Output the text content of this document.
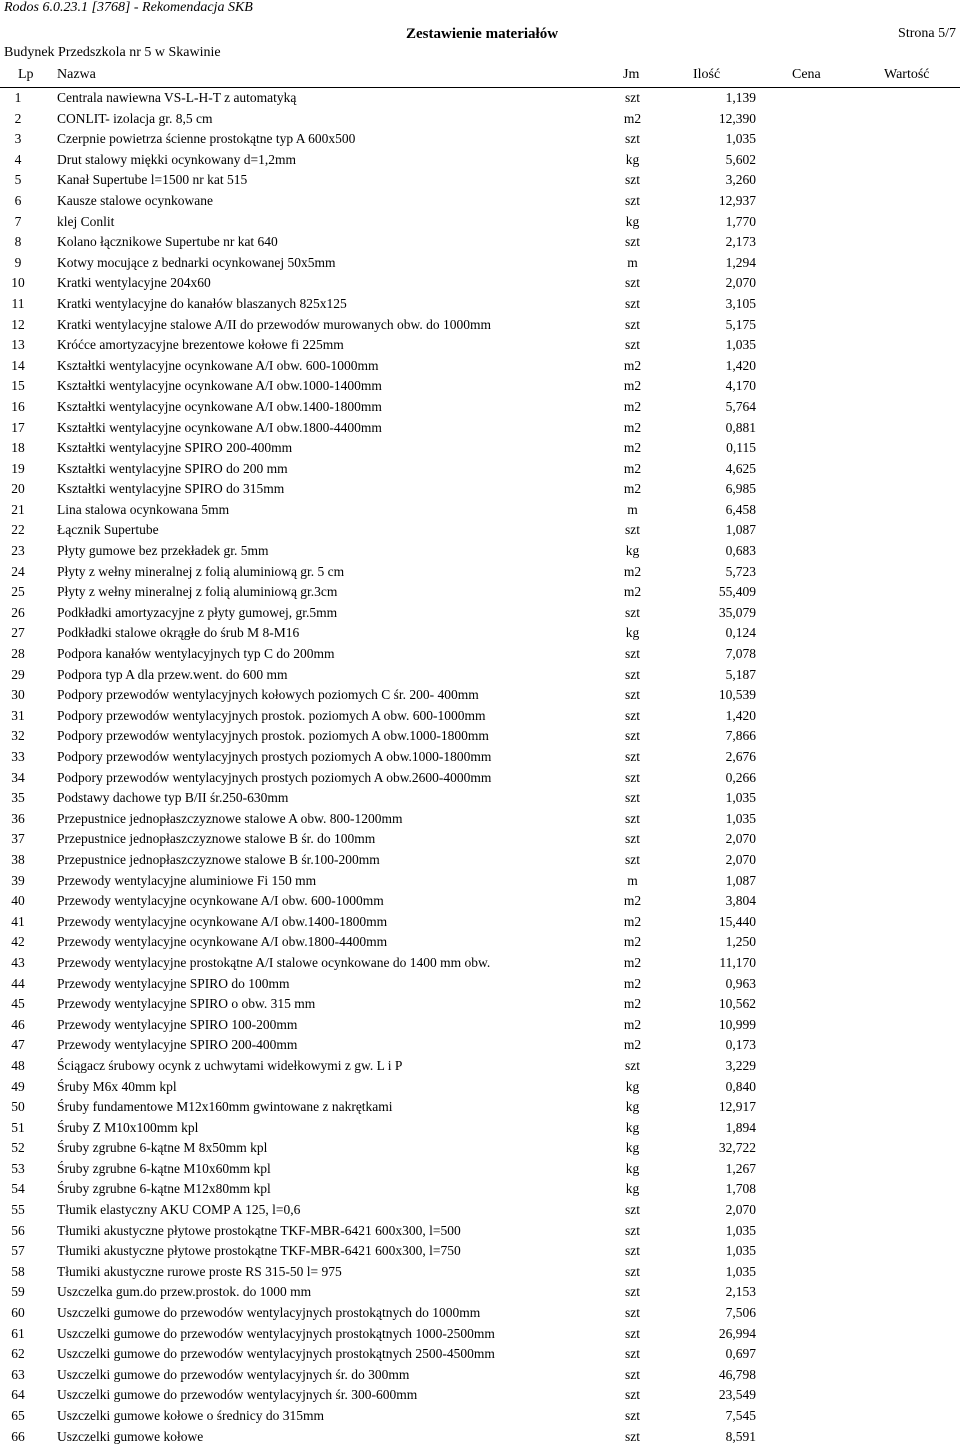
Rodos 6.0.23.1 [3768] - Rekomendacja SKB
Zestawienie materiałów	Strona 5/7
Budynek Przedszkola nr 5 w Skawinie
Lp Nazwa	Jm	Ilość	Cena	Wartość
1	Centrala nawiewna VS-L-H-T z automatyką	szt	1,139
2	CONLIT- izolacja gr. 8,5 cm	m2	12,390
3	Czerpnie powietrza ścienne prostokątne typ A 600x500	szt	1,035
4	Drut stalowy miękki ocynkowany d=1,2mm	kg	5,602
5	Kanał Supertube l=1500 nr kat 515	szt	3,260
6	Kausze stalowe ocynkowane	szt	12,937
7	klej Conlit	kg	1,770
8	Kolano łącznikowe Supertube nr kat 640	szt	2,173
9	Kotwy mocujące z bednarki ocynkowanej 50x5mm	m	1,294
10	Kratki wentylacyjne 204x60	szt	2,070
11	Kratki wentylacyjne do kanałów blaszanych 825x125	szt	3,105
12	Kratki wentylacyjne stalowe A/II do przewodów murowanych obw. do 1000mm	szt	5,175
13	Króćce amortyzacyjne brezentowe kołowe fi 225mm	szt	1,035
14	Kształtki wentylacyjne ocynkowane A/I obw. 600-1000mm	m2	1,420
15	Kształtki wentylacyjne ocynkowane A/I obw.1000-1400mm	m2	4,170
16	Kształtki wentylacyjne ocynkowane A/I obw.1400-1800mm	m2	5,764
17	Kształtki wentylacyjne ocynkowane A/I obw.1800-4400mm	m2	0,881
18	Kształtki wentylacyjne SPIRO 200-400mm	m2	0,115
19	Kształtki wentylacyjne SPIRO do 200 mm	m2	4,625
20	Kształtki wentylacyjne SPIRO do 315mm	m2	6,985
21	Lina stalowa ocynkowana 5mm	m	6,458
22	Łącznik Supertube	szt	1,087
23	Płyty gumowe bez przekładek gr. 5mm	kg	0,683
24	Płyty z wełny mineralnej z folią aluminiową gr. 5 cm	m2	5,723
25	Płyty z wełny mineralnej z folią aluminiową gr.3cm	m2	55,409
26	Podkładki amortyzacyjne z płyty gumowej, gr.5mm	szt	35,079
27	Podkładki stalowe okrągłe do śrub M 8-M16	kg	0,124
28	Podpora kanałów wentylacyjnych typ C do 200mm	szt	7,078
29	Podpora typ A dla przew.went. do 600 mm	szt	5,187
30	Podpory przewodów wentylacyjnych kołowych poziomych C śr. 200- 400mm	szt	10,539
31	Podpory przewodów wentylacyjnych prostok. poziomych A obw. 600-1000mm	szt	1,420
32	Podpory przewodów wentylacyjnych prostok. poziomych A obw.1000-1800mm	szt	7,866
33	Podpory przewodów wentylacyjnych prostych poziomych A obw.1000-1800mm	szt	2,676
34	Podpory przewodów wentylacyjnych prostych poziomych A obw.2600-4000mm	szt	0,266
35	Podstawy dachowe typ B/II śr.250-630mm	szt	1,035
36	Przepustnice jednopłaszczyznowe stalowe A obw. 800-1200mm	szt	1,035
37	Przepustnice jednopłaszczyznowe stalowe B śr. do 100mm	szt	2,070
38	Przepustnice jednopłaszczyznowe stalowe B śr.100-200mm	szt	2,070
39	Przewody wentylacyjne aluminiowe Fi 150 mm	m	1,087
40	Przewody wentylacyjne ocynkowane A/I obw. 600-1000mm	m2	3,804
41	Przewody wentylacyjne ocynkowane A/I obw.1400-1800mm	m2	15,440
42	Przewody wentylacyjne ocynkowane A/I obw.1800-4400mm	m2	1,250
43	Przewody wentylacyjne prostokątne A/I stalowe ocynkowane do 1400 mm obw.	m2	11,170
44	Przewody wentylacyjne SPIRO do 100mm	m2	0,963
45	Przewody wentylacyjne SPIRO o obw. 315 mm	m2	10,562
46	Przewody wentylacyjne SPIRO 100-200mm	m2	10,999
47	Przewody wentylacyjne SPIRO 200-400mm	m2	0,173
48	Ściągacz śrubowy ocynk z uchwytami widełkowymi z gw. L i P	szt	3,229
49	Śruby M6x 40mm kpl	kg	0,840
50	Śruby fundamentowe M12x160mm gwintowane z nakrętkami	kg	12,917
51	Śruby Z M10x100mm kpl	kg	1,894
52	Śruby zgrubne 6-kątne M 8x50mm kpl	kg	32,722
53	Śruby zgrubne 6-kątne M10x60mm kpl	kg	1,267
54	Śruby zgrubne 6-kątne M12x80mm kpl	kg	1,708
55	Tłumik elastyczny AKU COMP A 125, l=0,6	szt	2,070
56	Tłumiki akustyczne płytowe prostokątne TKF-MBR-6421 600x300, l=500	szt	1,035
57	Tłumiki akustyczne płytowe prostokątne TKF-MBR-6421 600x300, l=750	szt	1,035
58	Tłumiki akustyczne rurowe proste RS 315-50 l= 975	szt	1,035
59	Uszczelka gum.do przew.prostok. do 1000 mm	szt	2,153
60	Uszczelki gumowe do przewodów wentylacyjnych prostokątnych do 1000mm	szt	7,506
61	Uszczelki gumowe do przewodów wentylacyjnych prostokątnych 1000-2500mm	szt	26,994
62	Uszczelki gumowe do przewodów wentylacyjnych prostokątnych 2500-4500mm	szt	0,697
63	Uszczelki gumowe do przewodów wentylacyjnych śr. do 300mm	szt	46,798
64	Uszczelki gumowe do przewodów wentylacyjnych śr. 300-600mm	szt	23,549
65	Uszczelki gumowe kołowe o średnicy do 315mm	szt	7,545
66	Uszczelki gumowe kołowe	szt	8,591
